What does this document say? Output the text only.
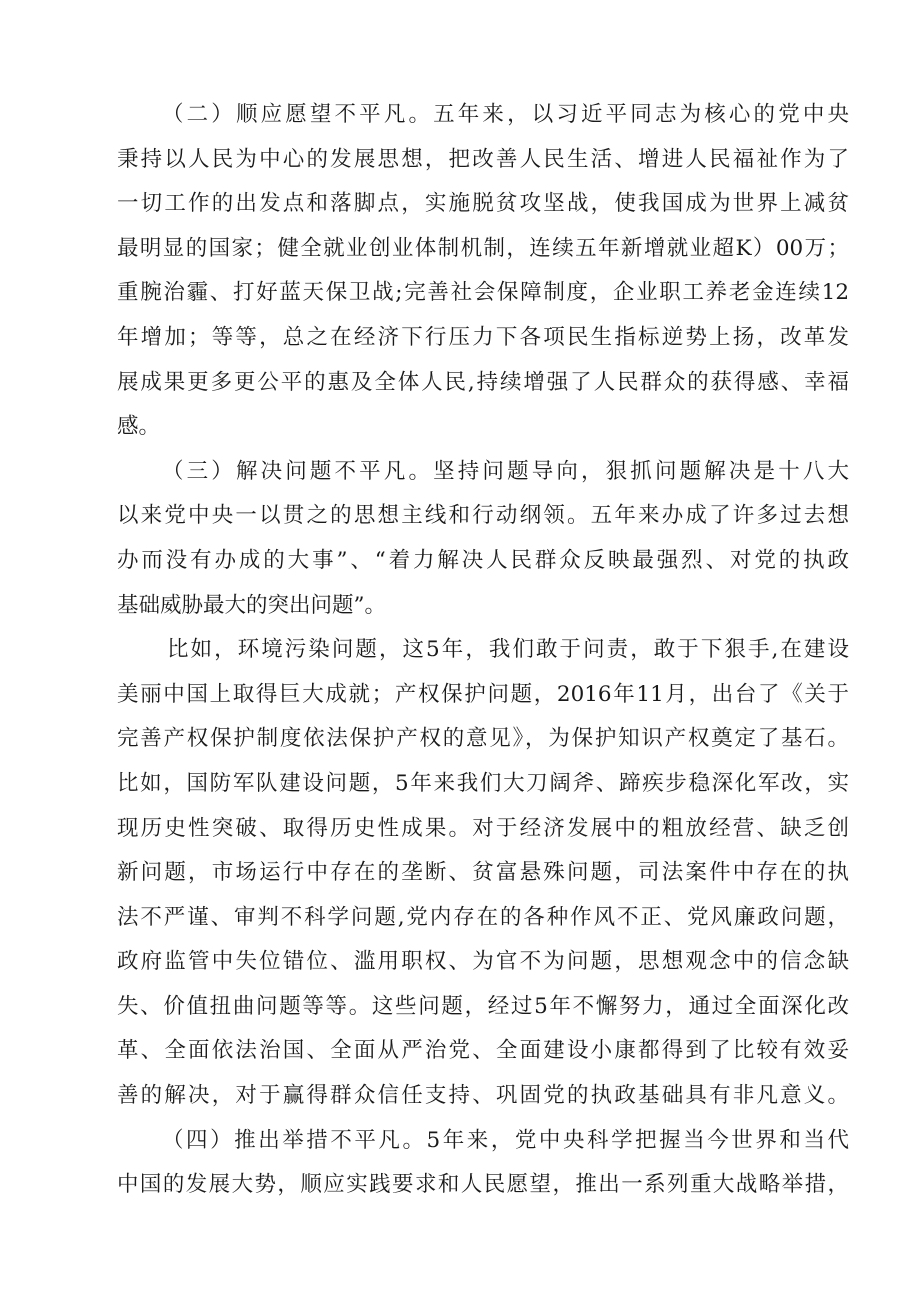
（二）顺应愿望不平凡。五年来，以习近平同志为核心的党中央
秉持以人民为中心的发展思想，把改善人民生活、增进人民福祉作为了
一切工作的出发点和落脚点，实施脱贫攻坚战，使我国成为世界上减贫
最明显的国家；健全就业创业体制机制，连续五年新增就业超K）00万；
重腕治霾、打好蓝天保卫战;完善社会保障制度，企业职工养老金连续12
年增加；等等，总之在经济下行压力下各项民生指标逆势上扬，改革发
展成果更多更公平的惠及全体人民,持续增强了人民群众的获得感、幸福
感。
（三）解决问题不平凡。坚持问题导向，狠抓问题解决是十八大
以来党中央一以贯之的思想主线和行动纲领。五年来办成了许多过去想
办而没有办成的大事”、“着力解决人民群众反映最强烈、对党的执政
基础威胁最大的突出问题”。
比如，环境污染问题，这5年，我们敢于问责，敢于下狠手,在建设
美丽中国上取得巨大成就；产权保护问题，2016年11月，出台了《关于
完善产权保护制度依法保护产权的意见》，为保护知识产权奠定了基石。
比如，国防军队建设问题，5年来我们大刀阔斧、蹄疾步稳深化军改，实
现历史性突破、取得历史性成果。对于经济发展中的粗放经营、缺乏创
新问题，市场运行中存在的垄断、贫富悬殊问题，司法案件中存在的执
法不严谨、审判不科学问题,党内存在的各种作风不正、党风廉政问题，
政府监管中失位错位、滥用职权、为官不为问题，思想观念中的信念缺
失、价值扭曲问题等等。这些问题，经过5年不懈努力，通过全面深化改
革、全面依法治国、全面从严治党、全面建设小康都得到了比较有效妥
善的解决，对于赢得群众信任支持、巩固党的执政基础具有非凡意义。
（四）推出举措不平凡。5年来，党中央科学把握当今世界和当代
中国的发展大势，顺应实践要求和人民愿望，推出一系列重大战略举措，
